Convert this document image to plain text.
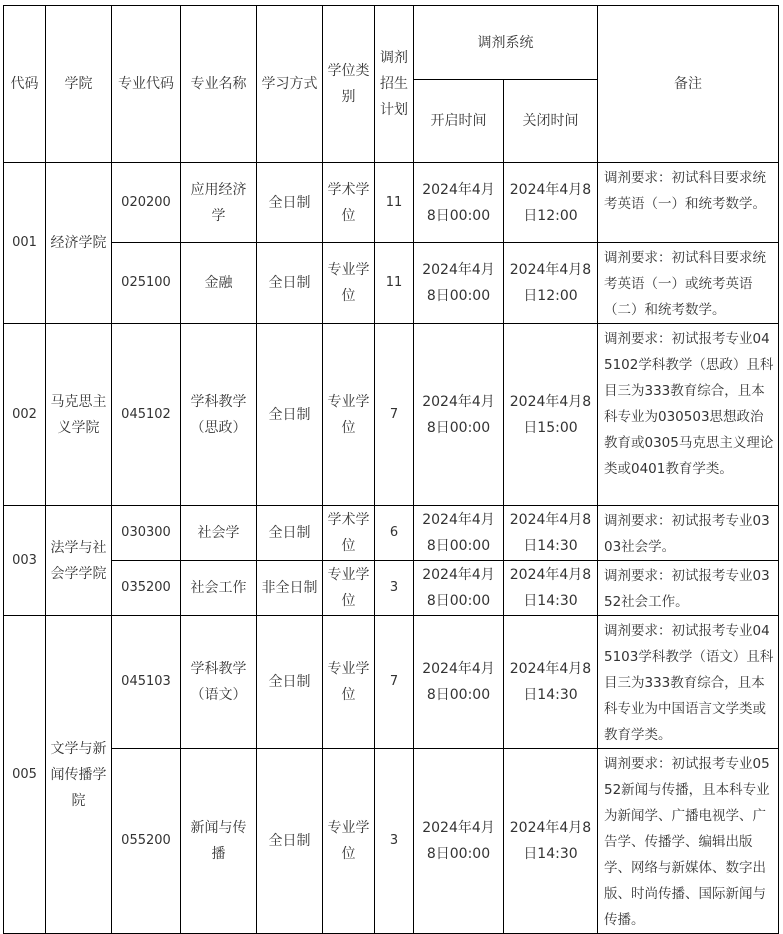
代码	学院	专业代码	专业名称	学习方式	学位类别	调剂招生计划	调剂系统		备注
							开启时间	关闭时间	
001	经济学院	020200	应用经济学	全日制	学术学位	11	2024年4月8日00:00	2024年4月8日12:00	调剂要求：初试科目要求统考英语（一）和统考数学。
		025100	金融	全日制	专业学位	11	2024年4月8日00:00	2024年4月8日12:00	调剂要求：初试科目要求统考英语（一）或统考英语（二）和统考数学。
002	马克思主义学院	045102	学科教学（思政）	全日制	专业学位	7	2024年4月8日00:00	2024年4月8日15:00	调剂要求：初试报考专业045102学科教学（思政）且科目三为333教育综合，且本科专业为030503思想政治教育或0305马克思主义理论类或0401教育学类。
003	法学与社会学学院	030300	社会学	全日制	学术学位	6	2024年4月8日00:00	2024年4月8日14:30	调剂要求：初试报考专业0303社会学。
		035200	社会工作	非全日制	专业学位	3	2024年4月8日00:00	2024年4月8日14:30	调剂要求：初试报考专业0352社会工作。
005	文学与新闻传播学院	045103	学科教学（语文）	全日制	专业学位	7	2024年4月8日00:00	2024年4月8日14:30	调剂要求：初试报考专业045103学科教学（语文）且科目三为333教育综合，且本科专业为中国语言文学类或教育学类。
		055200	新闻与传播	全日制	专业学位	3	2024年4月8日00:00	2024年4月8日14:30	调剂要求：初试报考专业0552新闻与传播，且本科专业为新闻学、广播电视学、广告学、传播学、编辑出版学、网络与新媒体、数字出版、时尚传播、国际新闻与传播。
